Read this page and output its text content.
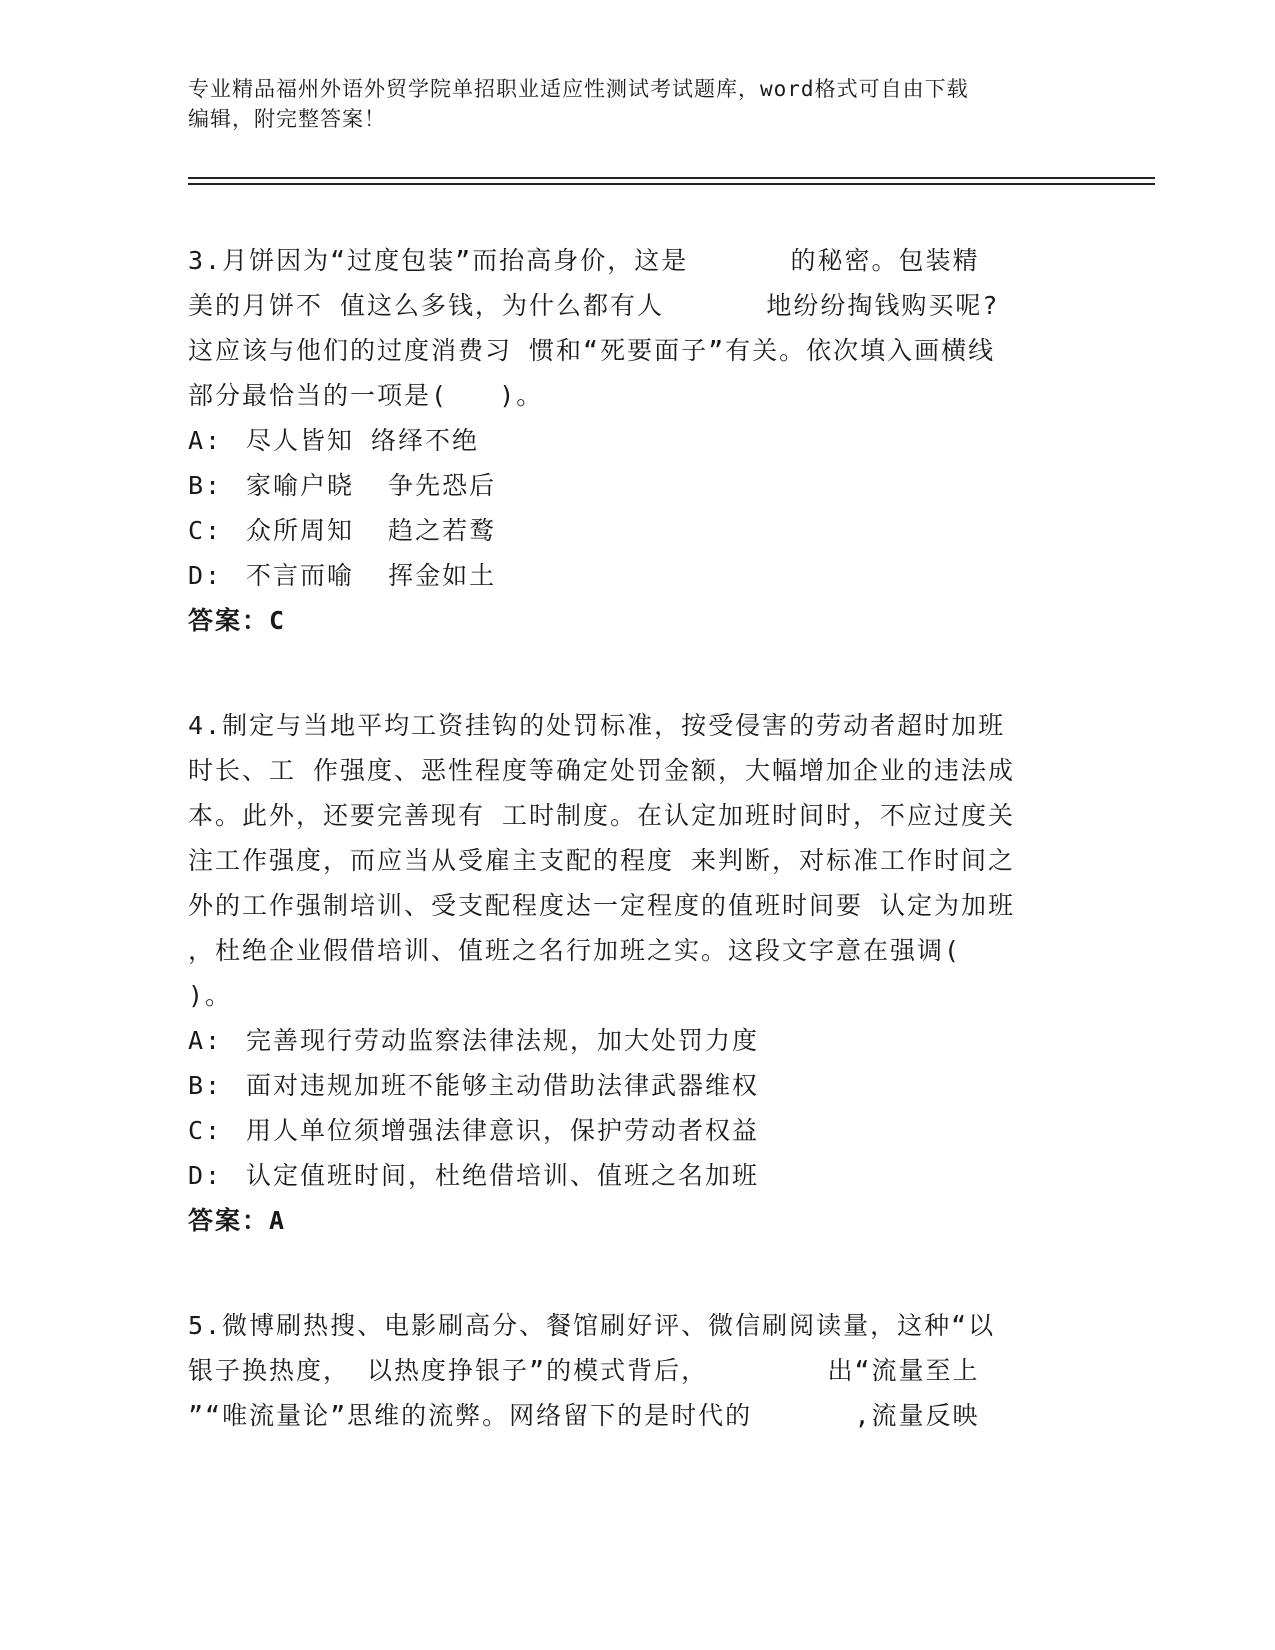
专业精品福州外语外贸学院单招职业适应性测试考试题库，word格式可自由下载
编辑，附完整答案！
3.月饼因为“过度包装”而抬高身价，这是      的秘密。包装精
美的月饼不 值这么多钱，为什么都有人      地纷纷掏钱购买呢?
这应该与他们的过度消费习 惯和“死要面子”有关。依次填入画横线
部分最恰当的一项是(   )。
A: 尽人皆知 络绎不绝
B: 家喻户晓  争先恐后
C: 众所周知  趋之若鹜
D: 不言而喻  挥金如土
答案：C
4.制定与当地平均工资挂钩的处罚标准，按受侵害的劳动者超时加班
时长、工 作强度、恶性程度等确定处罚金额，大幅增加企业的违法成
本。此外，还要完善现有 工时制度。在认定加班时间时，不应过度关
注工作强度，而应当从受雇主支配的程度 来判断，对标准工作时间之
外的工作强制培训、受支配程度达一定程度的值班时间要 认定为加班
，杜绝企业假借培训、值班之名行加班之实。这段文字意在强调(
)。
A: 完善现行劳动监察法律法规，加大处罚力度
B: 面对违规加班不能够主动借助法律武器维权
C: 用人单位须增强法律意识，保护劳动者权益
D: 认定值班时间，杜绝借培训、值班之名加班
答案：A
5.微博刷热搜、电影刷高分、餐馆刷好评、微信刷阅读量，这种“以
银子换热度， 以热度挣银子”的模式背后，       出“流量至上
”“唯流量论”思维的流弊。网络留下的是时代的      ,流量反映
